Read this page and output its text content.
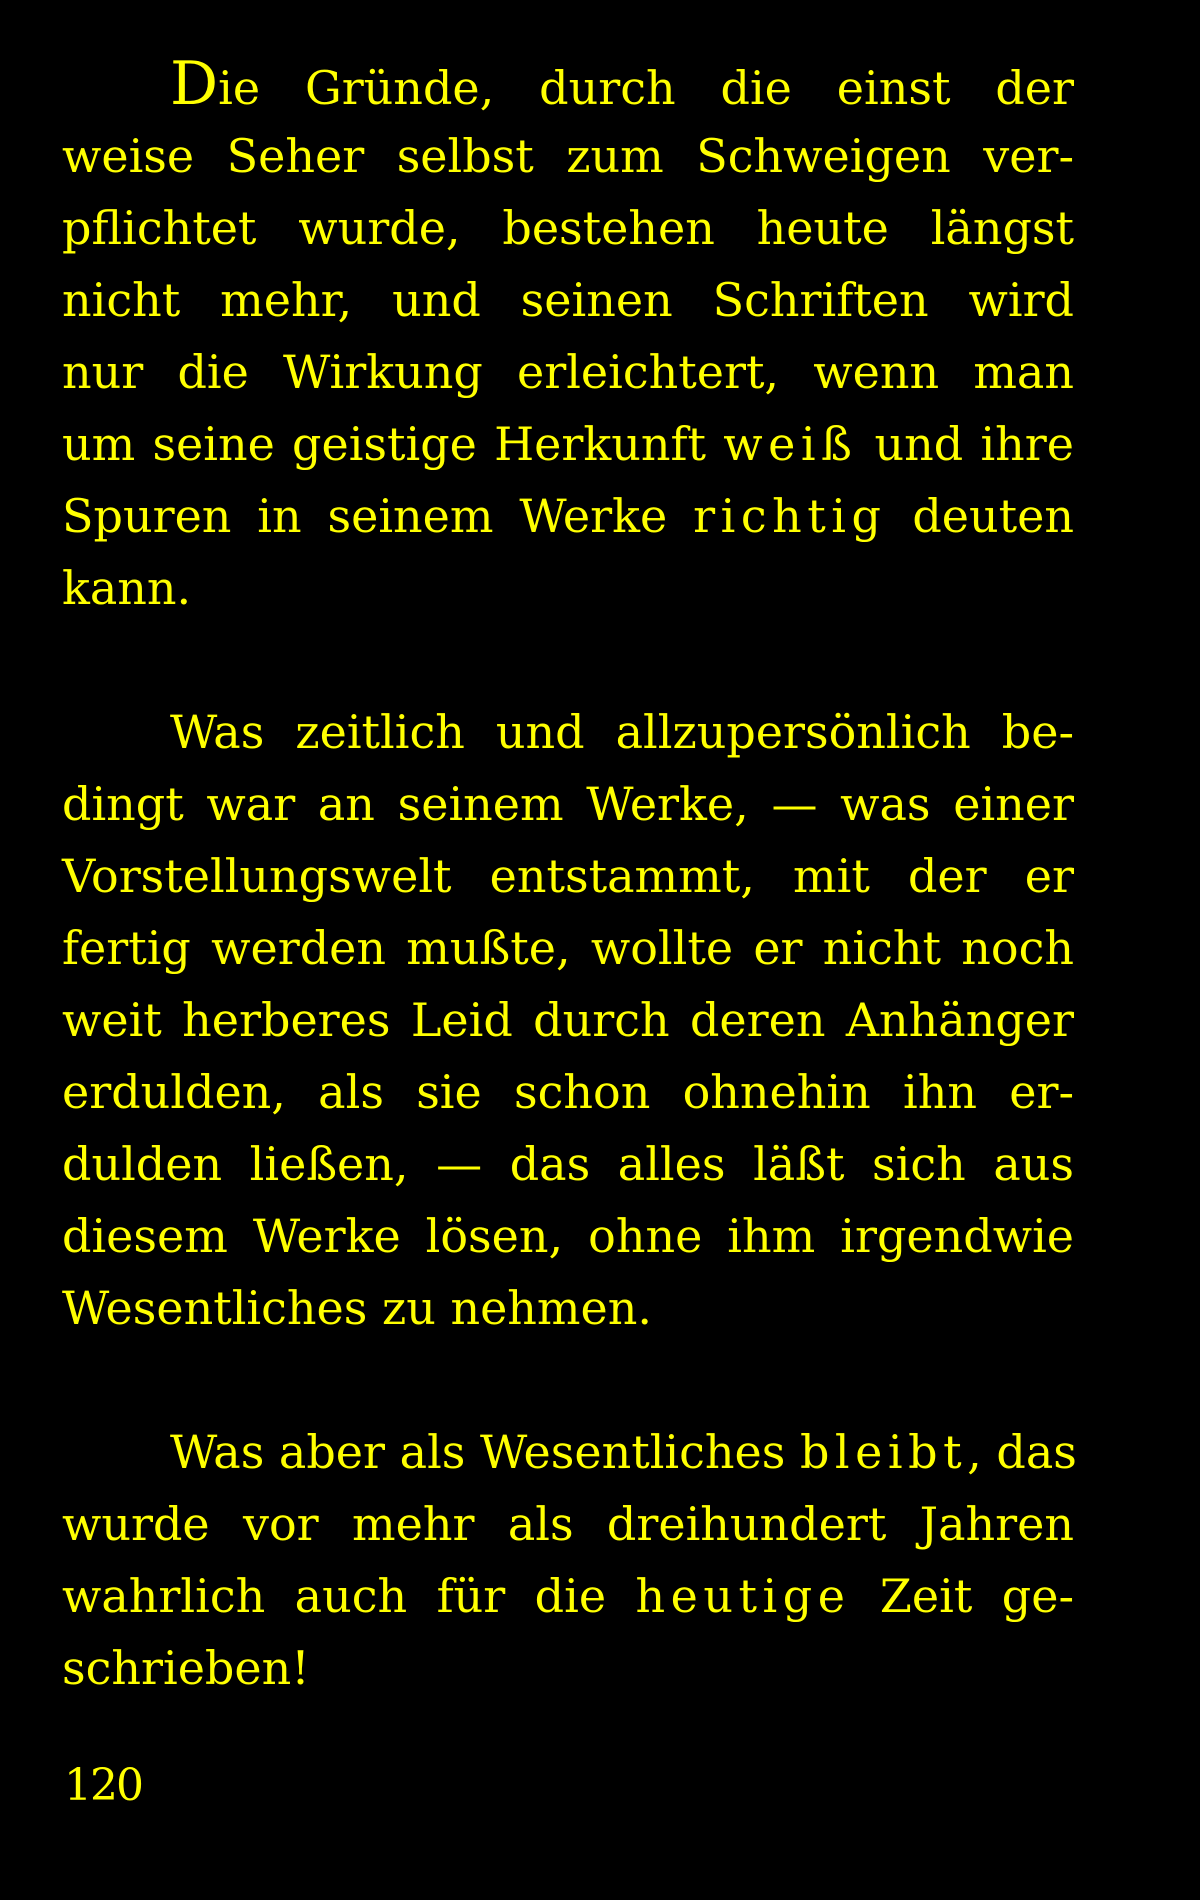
Die Gründe, durch die einst der
weise Seher selbst zum Schweigen ver-
pflichtet wurde, bestehen heute längst
nicht mehr, und seinen Schriften wird
nur die Wirkung erleichtert, wenn man
um seine geistige Herkunft weiß und ihre
Spuren in seinem Werke richtig deuten
kann.

Was zeitlich und allzupersönlich be-
dingt war an seinem Werke, — was einer
Vorstellungswelt entstammt, mit der er
fertig werden mußte, wollte er nicht noch
weit herberes Leid durch deren Anhänger
erdulden, als sie schon ohnehin ihn er-
dulden ließen, — das alles läßt sich aus
diesem Werke lösen, ohne ihm irgendwie
Wesentliches zu nehmen.

Was aber als Wesentliches bleibt, das
wurde vor mehr als dreihundert Jahren
wahrlich auch für die heutige Zeit ge-
schrieben!

120
